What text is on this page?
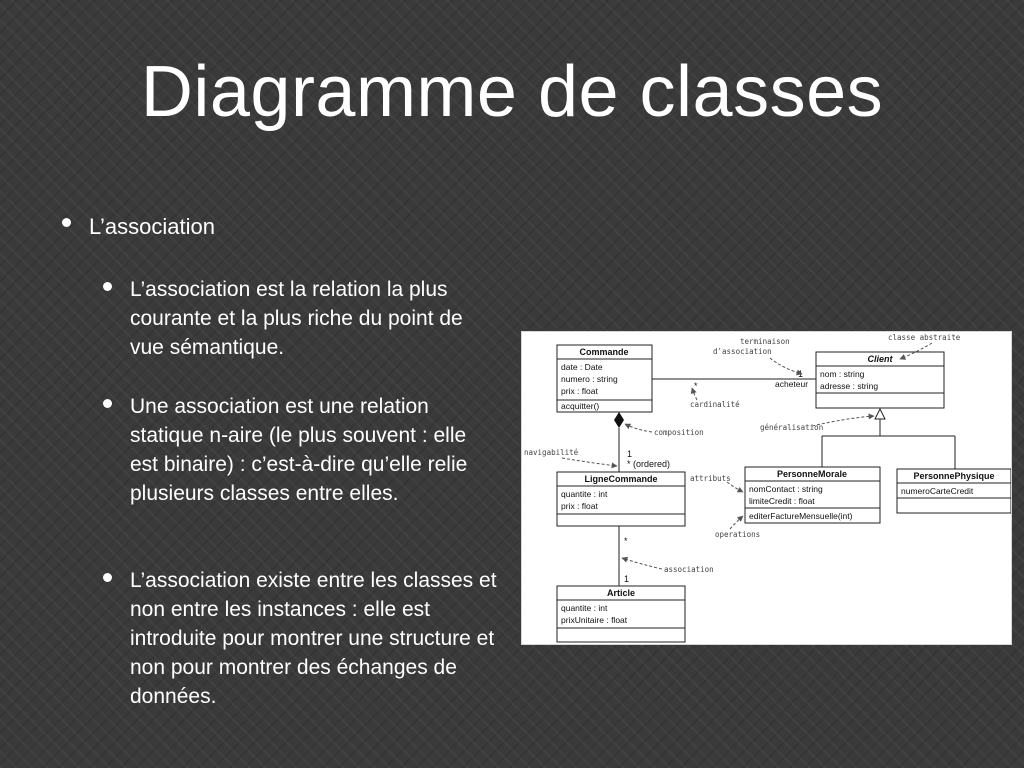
Diagramme de classes
L’association
L’association est la relation la plus courante et la plus riche du point de vue sémantique.
Une association est une relation statique n-aire (le plus souvent : elle est binaire) : c’est-à-dire qu’elle relie plusieurs classes entre elles.
L’association existe entre les classes et non entre les instances : elle est introduite pour montrer une structure et non pour montrer des échanges de données.
Commande
date : Date
numero : string
prix : float
acquitter()
Client
nom : string
adresse : string
LigneCommande
quantite : int
prix : float
PersonneMorale
nomContact : string
limiteCredit : float
editerFactureMensuelle(int)
PersonnePhysique
numeroCarteCredit
Article
quantite : int
prixUnitaire : float
*
1
acheteur
1
* (ordered)
*
1
terminaison
d'association
classe abstraite
cardinalité
composition
généralisation
navigabilité
attributs
operations
association
